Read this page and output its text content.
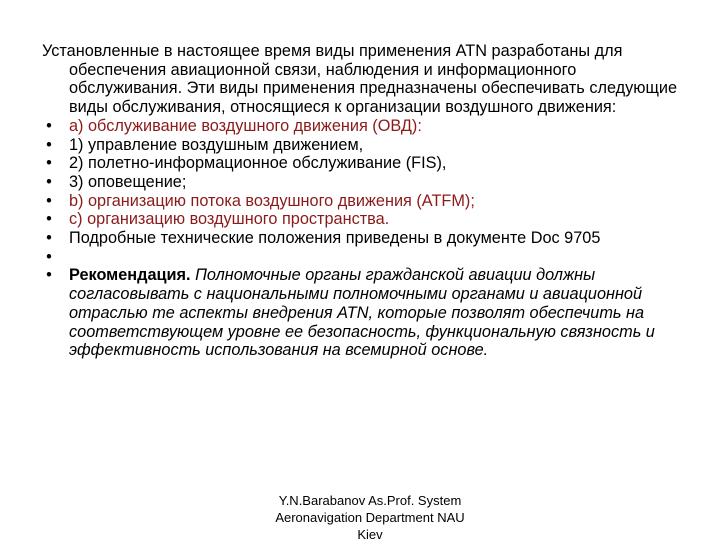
Установленные в настоящее время виды применения ATN разработаны для обеспечения авиационной связи, наблюдения и информационного обслуживания. Эти виды применения предназначены обеспечивать следующие виды обслуживания, относящиеся к организации воздушного движения:

• а) обслуживание воздушного движения (ОВД):
• 1) управление воздушным движением,
• 2) полетно-информационное обслуживание (FIS),
• 3) оповещение;
• b) организацию потока воздушного движения (ATFM);
• c) организацию воздушного пространства.
• Подробные технические положения приведены в документе Doc 9705
•
• Рекомендация. Полномочные органы гражданской авиации должны согласовывать с национальными полномочными органами и авиационной отраслью те аспекты внедрения ATN, которые позволят обеспечить на соответствующем уровне ее безопасность, функциональную связность и эффективность использования на всемирной основе.
Y.N.Barabanov As.Prof. System
Aeronavigation Department NAU
Kiev
